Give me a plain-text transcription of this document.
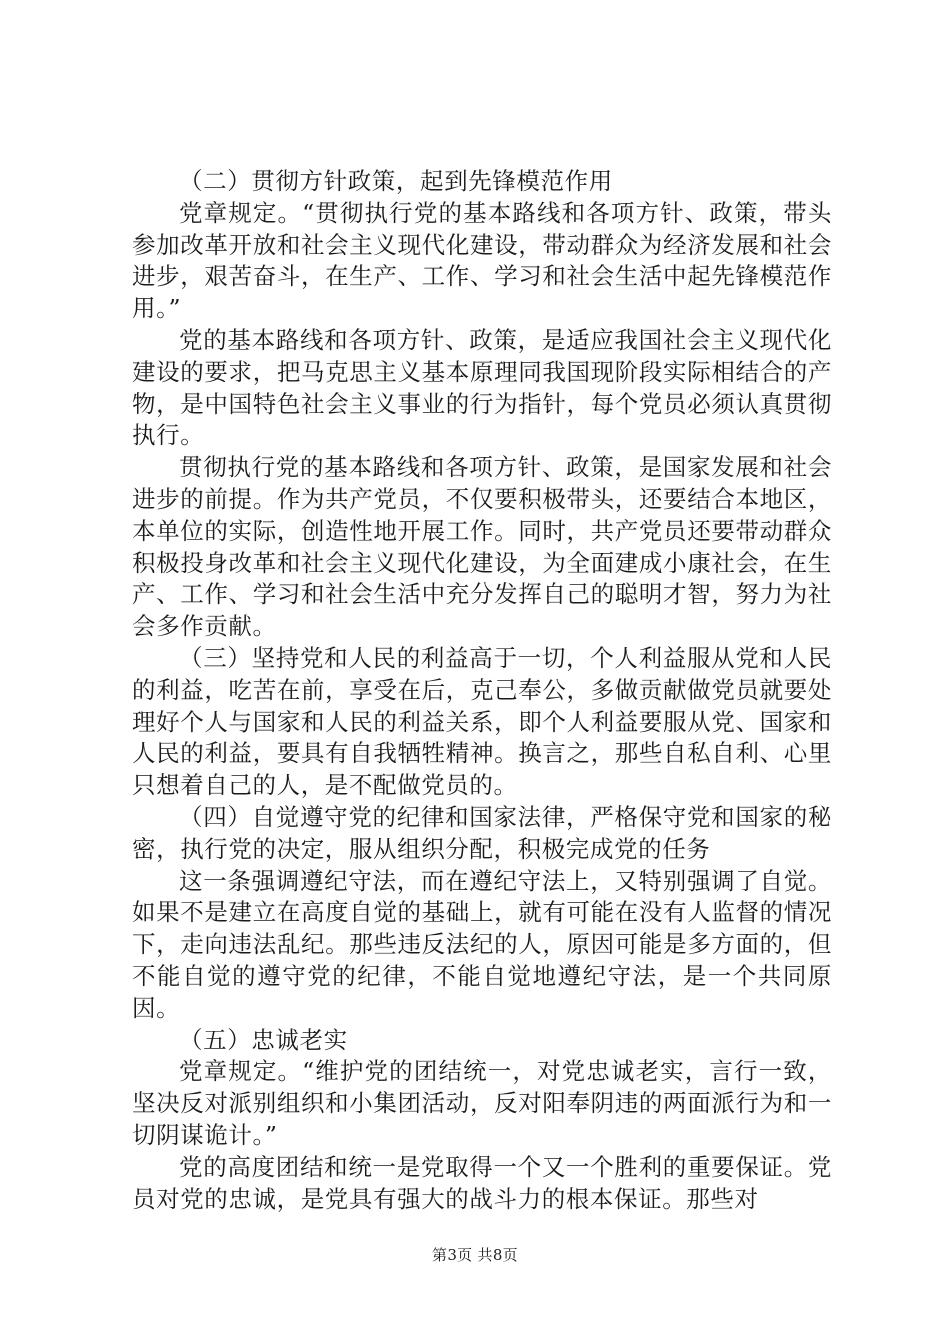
（二）贯彻方针政策，起到先锋模范作用

党章规定。“贯彻执行党的基本路线和各项方针、政策，带头参加改革开放和社会主义现代化建设，带动群众为经济发展和社会进步，艰苦奋斗，在生产、工作、学习和社会生活中起先锋模范作用。”

党的基本路线和各项方针、政策，是适应我国社会主义现代化建设的要求，把马克思主义基本原理同我国现阶段实际相结合的产物，是中国特色社会主义事业的行为指针，每个党员必须认真贯彻执行。

贯彻执行党的基本路线和各项方针、政策，是国家发展和社会进步的前提。作为共产党员，不仅要积极带头，还要结合本地区，本单位的实际，创造性地开展工作。同时，共产党员还要带动群众积极投身改革和社会主义现代化建设，为全面建成小康社会，在生产、工作、学习和社会生活中充分发挥自己的聪明才智，努力为社会多作贡献。

（三）坚持党和人民的利益高于一切，个人利益服从党和人民的利益，吃苦在前，享受在后，克己奉公，多做贡献做党员就要处理好个人与国家和人民的利益关系，即个人利益要服从党、国家和人民的利益，要具有自我牺牲精神。换言之，那些自私自利、心里只想着自己的人，是不配做党员的。

（四）自觉遵守党的纪律和国家法律，严格保守党和国家的秘密，执行党的决定，服从组织分配，积极完成党的任务

这一条强调遵纪守法，而在遵纪守法上，又特别强调了自觉。如果不是建立在高度自觉的基础上，就有可能在没有人监督的情况下，走向违法乱纪。那些违反法纪的人，原因可能是多方面的，但不能自觉的遵守党的纪律，不能自觉地遵纪守法，是一个共同原因。

（五）忠诚老实

党章规定。“维护党的团结统一，对党忠诚老实，言行一致，坚决反对派别组织和小集团活动，反对阳奉阴违的两面派行为和一切阴谋诡计。”

党的高度团结和统一是党取得一个又一个胜利的重要保证。党员对党的忠诚，是党具有强大的战斗力的根本保证。那些对

第3页 共8页
